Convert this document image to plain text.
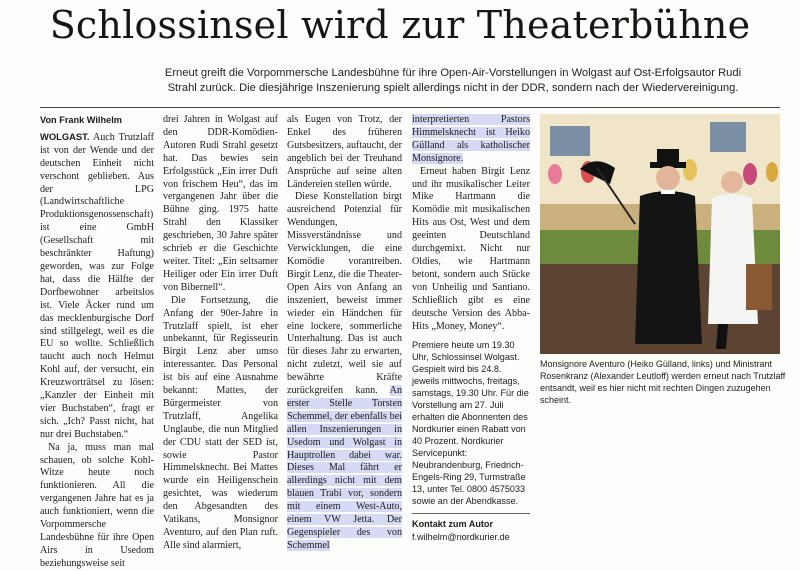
Schlossinsel wird zur Theaterbühne
Erneut greift die Vorpommersche Landesbühne für ihre Open-Air-Vorstellungen in Wolgast auf Ost-Erfolgsautor Rudi Strahl zurück. Die diesjährige Inszenierung spielt allerdings nicht in der DDR, sondern nach der Wiedervereinigung.
Von Frank Wilhelm

WOLGAST. Auch Trutzlaff ist von der Wende und der deutschen Einheit nicht verschont geblieben. Aus der LPG (Landwirtschaftliche Produktionsgenossenschaft) ist eine GmbH (Gesellschaft mit beschränkter Haftung) geworden, was zur Folge hat, dass die Hälfte der Dorfbewohner arbeitslos ist. Viele Äcker rund um das mecklenburgische Dorf sind stillgelegt, weil es die EU so wollte. Schließlich taucht auch noch Helmut Kohl auf, der versucht, ein Kreuzworträtsel zu lösen: „Kanzler der Einheit mit vier Buchstaben“, fragt er sich. „Ich? Passt nicht, hat nur drei Buchstaben.“

Na ja, muss man mal schauen, ob solche Kohl-Witze heute noch funktionieren. All die vergangenen Jahre hat es ja auch funktioniert, wenn die Vorpommersche Landesbühne für ihre Open Airs in Usedom beziehungsweise seit

drei Jahren in Wolgast auf den DDR-Komödien-Autoren Rudi Strahl gesetzt hat. Das bewies sein Erfolgsstück „Ein irrer Duft von frischem Heu“, das im vergangenen Jahr über die Bühne ging. 1975 hatte Strahl den Klassiker geschrieben, 30 Jahre später schrieb er die Geschichte weiter. Titel: „Ein seltsamer Heiliger oder Ein irrer Duft von Bibernell“.

Die Fortsetzung, die Anfang der 90er-Jahre in Trutzlaff spielt, ist eher unbekannt, für Regisseurin Birgit Lenz aber umso interessanter. Das Personal ist bis auf eine Ausnahme bekannt: Mattes, der Bürgermeister von Trutzlaff, Angelika Unglaube, die nun Mitglied der CDU statt der SED ist, sowie Pastor Himmelsknecht. Bei Mattes wurde ein Heiligenschein gesichtet, was wiederum den Abgesandten des Vatikans, Monsignor Aventuro, auf den Plan ruft. Alle sind alarmiert,

als Eugen von Trotz, der Enkel des früheren Gutsbesitzers, auftaucht, der angeblich bei der Treuhand Ansprüche auf seine alten Ländereien stellen würde.

Diese Konstellation birgt ausreichend Potenzial für Wendungen, Missverständnisse und Verwicklungen, die eine Komödie vorantreiben. Birgit Lenz, die die Theater-Open Airs von Anfang an inszeniert, beweist immer wieder ein Händchen für eine lockere, sommerliche Unterhaltung. Das ist auch für dieses Jahr zu erwarten, nicht zuletzt, weil sie auf bewährte Kräfte zurückgreifen kann. An erster Stelle Torsten Schemmel, der ebenfalls bei allen Inszenierungen in Usedom und Wolgast in Hauptrollen dabei war. Dieses Mal fährt er allerdings nicht mit dem blauen Trabi vor, sondern mit einem West-Auto, einem VW Jetta. Der Gegenspieler des von Schemmel

interpretierten Pastors Himmelsknecht ist Heiko Gülland als katholischer Monsignore.

Erneut haben Birgit Lenz und ihr musikalischer Leiter Mike Hartmann die Komödie mit musikalischen Hits aus Ost, West und dem geeinten Deutschland durchgemixt. Nicht nur Oldies, wie Hartmann betont, sondern auch Stücke von Unheilig und Santiano. Schließlich gibt es eine deutsche Version des Abba-Hits „Money, Money“.

Premiere heute um 19.30 Uhr, Schlossinsel Wolgast. Gespielt wird bis 24.8. jeweils mittwochs, freitags, samstags, 19.30 Uhr. Für die Vorstellung am 27. Juli erhalten die Abonnenten des Nordkurier einen Rabatt von 40 Prozent. Nordkurier Servicepunkt: Neubrandenburg, Friedrich-Engels-Ring 29, Turmstraße 13, unter Tel. 0800 4575033 sowie an der Abendkasse.
Kontakt zum Autor
f.wilhelm@nordkurier.de
Monsignore Aventuro (Heiko Gülland, links) und Ministrant Rosenkranz (Alexander Leutloff) werden erneut nach Trutzlaff entsandt, weil es hier nicht mit rechten Dingen zuzugehen scheint.
